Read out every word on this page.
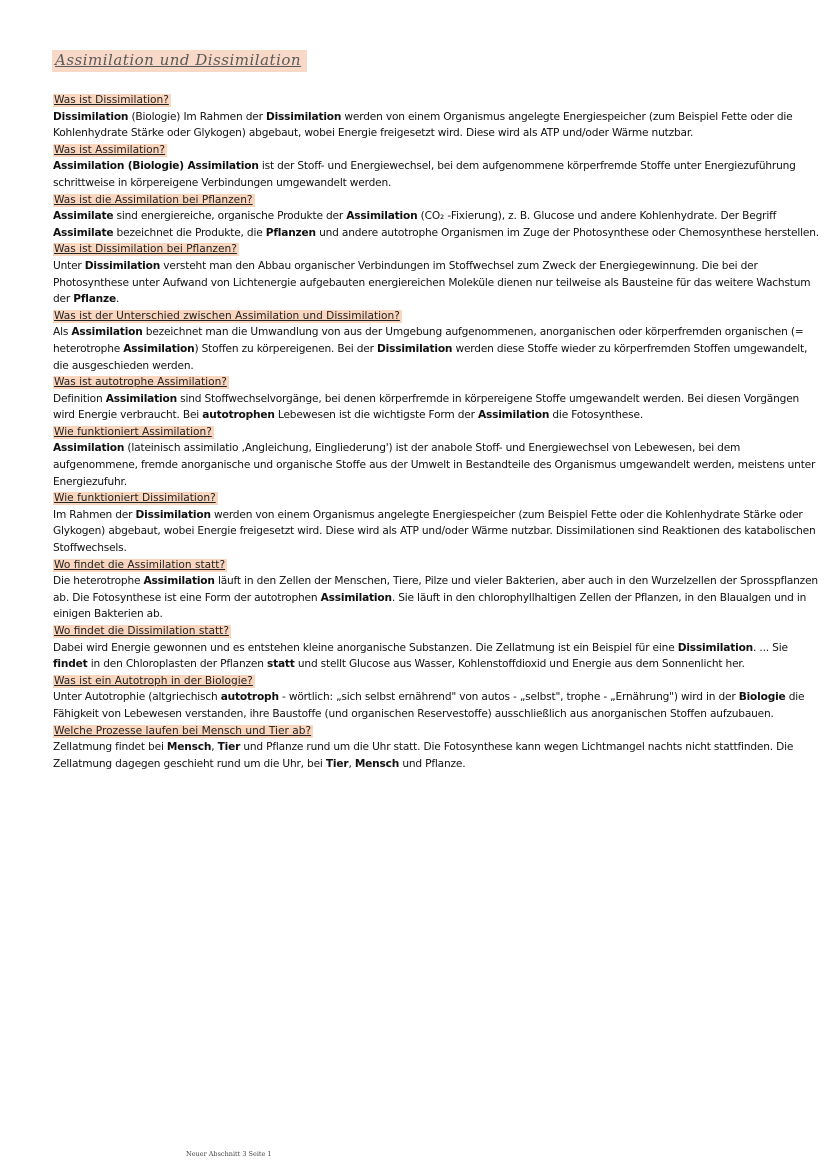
Assimilation und Dissimilation

Was ist Dissimilation?

Dissimilation (Biologie) Im Rahmen der Dissimilation werden von einem Organismus angelegte Energiespeicher (zum Beispiel Fette oder die Kohlenhydrate Stärke oder Glykogen) abgebaut, wobei Energie freigesetzt wird. Diese wird als ATP und/oder Wärme nutzbar.

Was ist Assimilation?

Assimilation (Biologie) Assimilation ist der Stoff- und Energiewechsel, bei dem aufgenommene körperfremde Stoffe unter Energiezuführung schrittweise in körpereigene Verbindungen umgewandelt werden.

Was ist die Assimilation bei Pflanzen?

Assimilate sind energiereiche, organische Produkte der Assimilation (CO₂ -Fixierung), z. B. Glucose und andere Kohlenhydrate. Der Begriff Assimilate bezeichnet die Produkte, die Pflanzen und andere autotrophe Organismen im Zuge der Photosynthese oder Chemosynthese herstellen.

Was ist Dissimilation bei Pflanzen?

Unter Dissimilation versteht man den Abbau organischer Verbindungen im Stoffwechsel zum Zweck der Energiegewinnung. Die bei der Photosynthese unter Aufwand von Lichtenergie aufgebauten energiereichen Moleküle dienen nur teilweise als Bausteine für das weitere Wachstum der Pflanze.

Was ist der Unterschied zwischen Assimilation und Dissimilation?

Als Assimilation bezeichnet man die Umwandlung von aus der Umgebung aufgenommenen, anorganischen oder körperfremden organischen (= heterotrophe Assimilation) Stoffen zu körpereigenen. Bei der Dissimilation werden diese Stoffe wieder zu körperfremden Stoffen umgewandelt, die ausgeschieden werden.

Was ist autotrophe Assimilation?

Definition Assimilation sind Stoffwechselvorgänge, bei denen körperfremde in körpereigene Stoffe umgewandelt werden. Bei diesen Vorgängen wird Energie verbraucht. Bei autotrophen Lebewesen ist die wichtigste Form der Assimilation die Fotosynthese.

Wie funktioniert Assimilation?

Assimilation (lateinisch assimilatio ‚Angleichung, Eingliederung') ist der anabole Stoff- und Energiewechsel von Lebewesen, bei dem aufgenommene, fremde anorganische und organische Stoffe aus der Umwelt in Bestandteile des Organismus umgewandelt werden, meistens unter Energiezufuhr.

Wie funktioniert Dissimilation?

Im Rahmen der Dissimilation werden von einem Organismus angelegte Energiespeicher (zum Beispiel Fette oder die Kohlenhydrate Stärke oder Glykogen) abgebaut, wobei Energie freigesetzt wird. Diese wird als ATP und/oder Wärme nutzbar. Dissimilationen sind Reaktionen des katabolischen Stoffwechsels.

Wo findet die Assimilation statt?

Die heterotrophe Assimilation läuft in den Zellen der Menschen, Tiere, Pilze und vieler Bakterien, aber auch in den Wurzelzellen der Sprosspflanzen ab. Die Fotosynthese ist eine Form der autotrophen Assimilation. Sie läuft in den chlorophyllhaltigen Zellen der Pflanzen, in den Blaualgen und in einigen Bakterien ab.

Wo findet die Dissimilation statt?

Dabei wird Energie gewonnen und es entstehen kleine anorganische Substanzen. Die Zellatmung ist ein Beispiel für eine Dissimilation. ... Sie findet in den Chloroplasten der Pflanzen statt und stellt Glucose aus Wasser, Kohlenstoffdioxid und Energie aus dem Sonnenlicht her.

Was ist ein Autotroph in der Biologie?

Unter Autotrophie (altgriechisch autotroph - wörtlich: „sich selbst ernährend" von autos - „selbst", trophe - „Ernährung") wird in der Biologie die Fähigkeit von Lebewesen verstanden, ihre Baustoffe (und organischen Reservestoffe) ausschließlich aus anorganischen Stoffen aufzubauen.

Welche Prozesse laufen bei Mensch und Tier ab?

Zellatmung findet bei Mensch, Tier und Pflanze rund um die Uhr statt. Die Fotosynthese kann wegen Lichtmangel nachts nicht stattfinden. Die Zellatmung dagegen geschieht rund um die Uhr, bei Tier, Mensch und Pflanze.

Neuer Abschnitt 3 Seite 1
